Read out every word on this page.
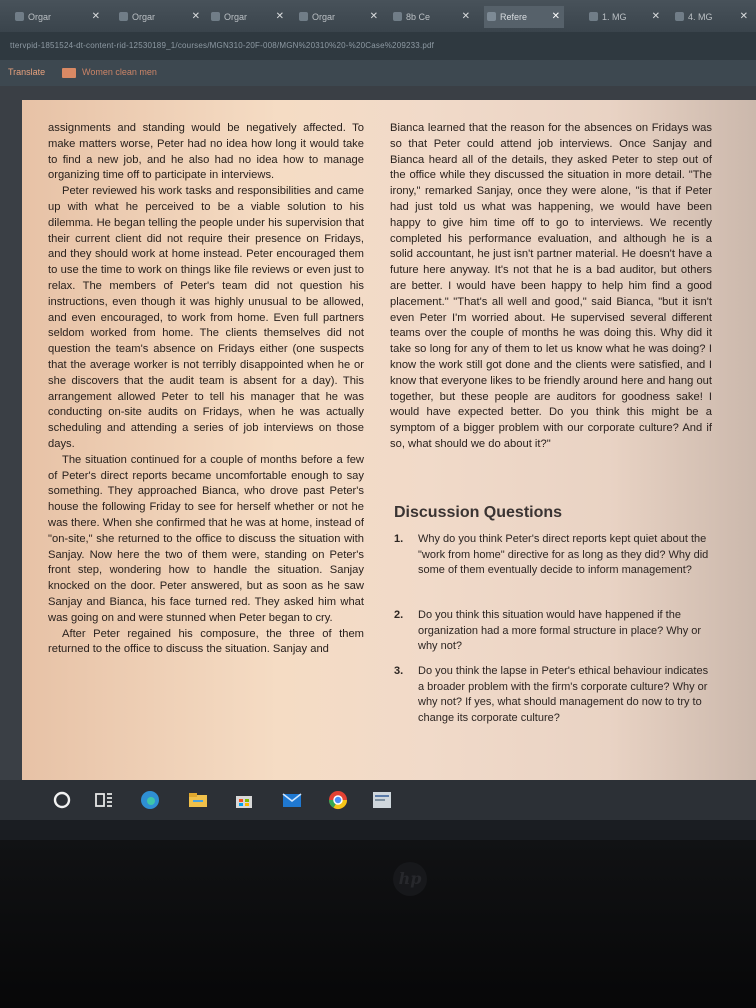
Orgar	✕	Orgar	✕	Orgar	✕	Orgar	✕	8b Ce	✕	Refere ✕	1. MG	✕	4. MG	✕
ttervpid-1851524-dt-content-rid-12530189_1/courses/MGN310-20F-008/MGN%20310%20-%20Case%209233.pdf
Translate	Women clean men

assignments and standing would be negatively affected. To make matters worse, Peter had no idea how long it would take to find a new job, and he also had no idea how to manage organizing time off to participate in interviews.

Peter reviewed his work tasks and responsibilities and came up with what he perceived to be a viable solution to his dilemma. He began telling the people under his supervision that their current client did not require their presence on Fridays, and they should work at home instead. Peter encouraged them to use the time to work on things like file reviews or even just to relax. The members of Peter's team did not question his instructions, even though it was highly unusual to be allowed, and even encouraged, to work from home. Even full partners seldom worked from home. The clients themselves did not question the team's absence on Fridays either (one suspects that the average worker is not terribly disappointed when he or she discovers that the audit team is absent for a day). This arrangement allowed Peter to tell his manager that he was conducting on-site audits on Fridays, when he was actually scheduling and attending a series of job interviews on those days.

The situation continued for a couple of months before a few of Peter's direct reports became uncomfortable enough to say something. They approached Bianca, who drove past Peter's house the following Friday to see for herself whether or not he was there. When she confirmed that he was at home, instead of "on-site," she returned to the office to discuss the situation with Sanjay. Now here the two of them were, standing on Peter's front step, wondering how to handle the situation. Sanjay knocked on the door. Peter answered, but as soon as he saw Sanjay and Bianca, his face turned red. They asked him what was going on and were stunned when Peter began to cry.

After Peter regained his composure, the three of them returned to the office to discuss the situation. Sanjay and

Bianca learned that the reason for the absences on Fridays was so that Peter could attend job interviews. Once Sanjay and Bianca heard all of the details, they asked Peter to step out of the office while they discussed the situation in more detail. "The irony," remarked Sanjay, once they were alone, "is that if Peter had just told us what was happening, we would have been happy to give him time off to go to interviews. We recently completed his performance evaluation, and although he is a solid accountant, he just isn't partner material. He doesn't have a future here anyway. It's not that he is a bad auditor, but others are better. I would have been happy to help him find a good placement." "That's all well and good," said Bianca, "but it isn't even Peter I'm worried about. He supervised several different teams over the couple of months he was doing this. Why did it take so long for any of them to let us know what he was doing? I know the work still got done and the clients were satisfied, and I know that everyone likes to be friendly around here and hang out together, but these people are auditors for goodness sake! I would have expected better. Do you think this might be a symptom of a bigger problem with our corporate culture? And if so, what should we do about it?"

Discussion Questions
1. Why do you think Peter's direct reports kept quiet about the "work from home" directive for as long as they did? Why did some of them eventually decide to inform management?
2. Do you think this situation would have happened if the organization had a more formal structure in place? Why or why not?
3. Do you think the lapse in Peter's ethical behaviour indicates a broader problem with the firm's corporate culture? Why or why not? If yes, what should management do now to try to change its corporate culture?
hp
